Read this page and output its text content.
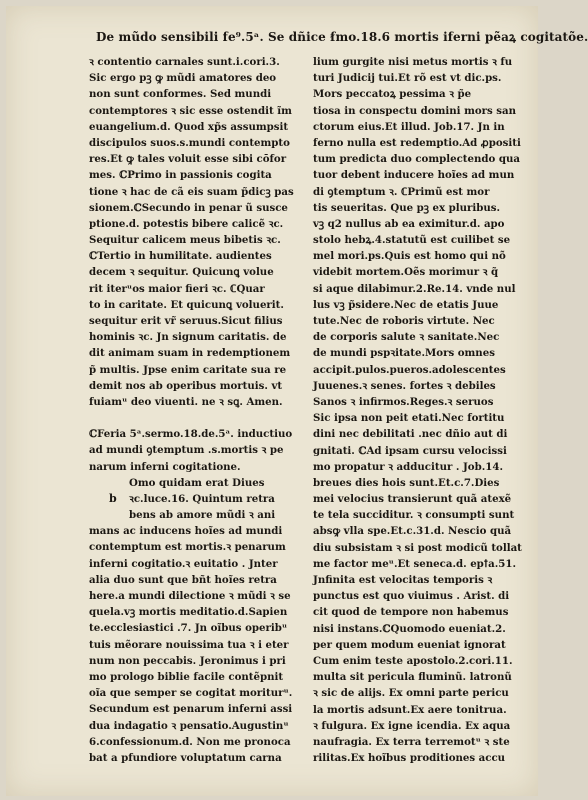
De mũdo sensibili fe⁹.5ᵃ. Se dñice ẜmo.18.6 mortis iferni pẽaꝝ cogitatõe.
ꝛ contentio carnales sunt.i.cori.3.
Sic ergo pꝫ ꝙ mũdi amatores deo
non sunt conformes. Sed mundi
contemptores ꝛ sic esse ostendit ĩm
euangelium.d. Quod xp̃s assumpsit
discipulos suos.s.mundi contempto
res.Et ꝙ tales voluit esse sibi cōfor
mes. ℂPrimo in passionis cogita
tione ꝛ hac de cã eis suam p̃dicꝫ pas
sionem.ℂSecundo in penar ũ susce
ptione.d. potestis bibere calicẽ ꝛc.
Sequitur calicem meus bibetis ꝛc.
ℂTertio in humilitate. audientes
decem ꝛ sequitur. Quicunꝗ volue
rit iterᵘos maior fieri ꝛc. ℂQuar
to in caritate. Et quicunꝗ voluerit.
sequitur erit vr̃ seruus.Sicut filius
hominis ꝛc. Jn signum caritatis. de
dit animam suam in redemptionem
p̃ multis. Jpse enim caritate sua re
demit nos ab operibus mortuis. vt
fuiamᵘ deo viuenti. ne ꝛ sꝗ. Amen.
ℂFeria 5ᵃ.sermo.18.de.5ᵃ. inductiuo
ad mundi ꝯtemptum .s.mortis ꝛ pe
narum inferni cogitatione.
b
Omo quidam erat Diues
ꝛc.luce.16. Quintum retra
bens ab amore mũdi ꝛ ani
mans ac inducens hoĩes ad mundi
contemptum est mortis.ꝛ penarum
inferni cogitatio.ꝛ euitatio . Jnter
alia duo sunt que bñt hoĩes retra
here.a mundi dilectione ꝛ mũdi ꝛ se
quela.vꝫ mortis meditatio.d.Sapien
te.ecclesiastici .7. Jn oĩbus operibᵘ
tuis mẽorare nouissima tua ꝛ i eter
num non peccabis. Jeronimus i pri
mo prologo biblie facile contẽpnit
oĩa que semper se cogitat moriturᵘ.
Secundum est penarum inferni assi
dua indagatio ꝛ pensatio.Augustinᵘ
6.confessionum.d. Non me pronoca
bat a pfundiore voluptatum carna
lium gurgite nisi metus mortis ꝛ fu
turi Judicij tui.Et rõ est vt dic.ps.
Mors peccatoꝝ pessima ꝛ p̃e
tiosa in conspectu domini mors san
ctorum eius.Et illud. Job.17. Jn in
ferno nulla est redemptio.Ad ꝓpositi
tum predicta duo complectendo qua
tuor debent inducere hoĩes ad mun
di ꝯtemptum ꝛ. ℂPrimũ est mor
tis seueritas. Que pꝫ ex pluribus.
vꝫ q2 nullus ab ea eximitur.d. apo
stolo hebꝝ.4.statutũ est cuilibet se
mel mori.ps.Quis est homo qui nõ
videbit mortem.Oẽs morimur ꝛ q̃
si aque dilabimur.2.Re.14. vnde nul
lus vꝫ p̃sidere.Nec de etatis Juue
tute.Nec de roboris virtute. Nec
de corporis salute ꝛ sanitate.Nec
de mundi pspꝛitate.Mors omnes
accipit.pulos.pueros.adolescentes
Juuenes.ꝛ senes. fortes ꝛ debiles
Sanos ꝛ infirmos.Reges.ꝛ seruos
Sic ipsa non peit etati.Nec fortitu
dini nec debilitati .nec dñio aut di
gnitati. ℂAd ipsam cursu velocissi
mo propatur ꝛ adducitur . Job.14.
breues dies hois sunt.Et.c.7.Dies
mei velocius transierunt quã atexẽ
te tela succiditur. ꝛ consumpti sunt
absꝙ vlla spe.Et.c.31.d. Nescio quã
diu subsistam ꝛ si post modicũ tollat
me factor meᵘ.Et seneca.d. epꝉa.51.
Jnfinita est velocitas temporis ꝛ
punctus est quo viuimus . Arist. di
cit quod de tempore non habemus
nisi instans.ℂQuomodo eueniat.2.
per quem modum eueniat ignorat
Cum enim teste apostolo.2.cori.11.
multa sit pericula fluminũ. latronũ
ꝛ sic de alijs. Ex omni parte pericu
la mortis adsunt.Ex aere tonitrua.
ꝛ fulgura. Ex igne icendia. Ex aqua
naufragia. Ex terra terremotᵘ ꝛ ste
rilitas.Ex hoĩbus proditiones accu
